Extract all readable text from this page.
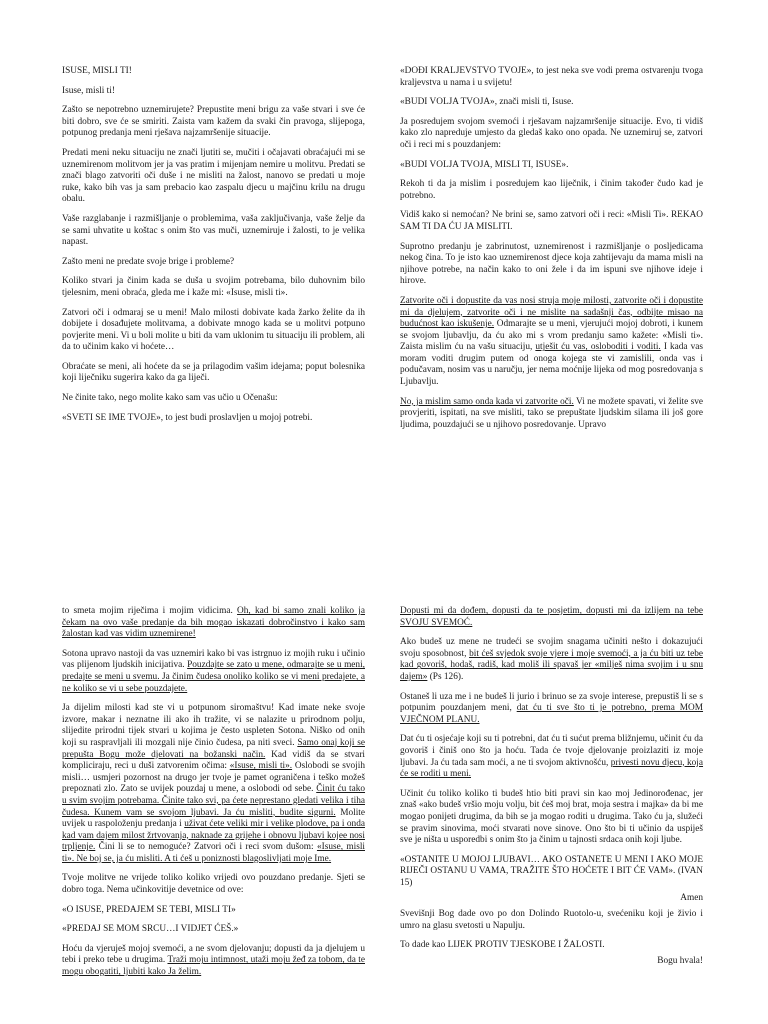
ISUSE, MISLI TI!

Isuse, misli ti!

Zašto se nepotrebno uznemirujete? Prepustite meni brigu za vaše stvari i sve će biti dobro, sve će se smiriti. Zaista vam kažem da svaki čin pravoga, slijepoga, potpunog predanja meni rješava najzamršenije situacije.

Predati meni neku situaciju ne znači ljutiti se, mučiti i očajavati obraćajući mi se uznemirenom molitvom jer ja vas pratim i mijenjam nemire u molitvu. Predati se znači blago zatvoriti oči duše i ne misliti na žalost, nanovo se predati u moje ruke, kako bih vas ja sam prebacio kao zaspalu djecu u majčinu krilu na drugu obalu.

Vaše razglabanje i razmišljanje o problemima, vaša zaključivanja, vaše želje da se sami uhvatite u koštac s onim što vas muči, uznemiruje i žalosti, to je velika napast.

Zašto meni ne predate svoje brige i probleme?

Koliko stvari ja činim kada se duša u svojim potrebama, bilo duhovnim bilo tjelesnim, meni obraća, gleda me i kaže mi: «Isuse, misli ti».

Zatvori oči i odmaraj se u meni! Malo milosti dobivate kada žarko želite da ih dobijete i dosađujete molitvama, a dobivate mnogo kada se u molitvi potpuno povjerite meni. Vi u boli molite u biti da vam uklonim tu situaciju ili problem, ali da to učinim kako vi hoćete…

Obraćate se meni, ali hoćete da se ja prilagodim vašim idejama; poput bolesnika koji liječniku sugerira kako da ga liječi.

Ne činite tako, nego molite kako sam vas učio u Očenašu:

«SVETI SE IME TVOJE», to jest budi proslavljen u mojoj potrebi.

«DOĐI KRALJEVSTVO TVOJE», to jest neka sve vodi prema ostvarenju tvoga kraljevstva u nama i u svijetu!

«BUDI VOLJA TVOJA», znači misli ti, Isuse.

Ja posredujem svojom svemoći i rješavam najzamršenije situacije. Evo, ti vidiš kako zlo napreduje umjesto da gledaš kako ono opada. Ne uznemiruj se, zatvori oči i reci mi s pouzdanjem:

«BUDI VOLJA TVOJA, MISLI TI, ISUSE».

Rekoh ti da ja mislim i posredujem kao liječnik, i činim također čudo kad je potrebno.

Vidiš kako si nemoćan? Ne brini se, samo zatvori oči i reci: «Misli Ti». REKAO SAM TI DA ĆU JA MISLITI.

Suprotno predanju je zabrinutost, uznemirenost i razmišljanje o posljedicama nekog čina. To je isto kao uznemirenost djece koja zahtijevaju da mama misli na njihove potrebe, na način kako to oni žele i da im ispuni sve njihove ideje i hirove.

Zatvorite oči i dopustite da vas nosi struja moje milosti, zatvorite oči i dopustite mi da djelujem, zatvorite oči i ne mislite na sadašnji čas, odbijte misao na budućnost kao iskušenje. Odmarajte se u meni, vjerujući mojoj dobroti, i kunem se svojom ljubavlju, da ću ako mi s vrom predanju samo kažete: «Misli ti». Zaista mislim ću na vašu situaciju, utješit ću vas, osloboditi i voditi. I kada vas moram voditi drugim putem od onoga kojega ste vi zamislili, onda vas i podučavam, nosim vas u naručju, jer nema moćnije lijeka od mog posredovanja s Ljubavlju.

No, ja mislim samo onda kada vi zatvorite oči. Vi ne možete spavati, vi želite sve provjeriti, ispitati, na sve misliti, tako se prepuštate ljudskim silama ili još gore ljudima, pouzdajući se u njihovo posredovanje. Upravo

to smeta mojim riječima i mojim vidicima. Oh, kad bi samo znali koliko ja čekam na ovo vaše predanje da bih mogao iskazati dobročinstvo i kako sam žalostan kad vas vidim uznemirene!

Sotona upravo nastoji da vas uznemiri kako bi vas istrgnuo iz mojih ruku i učinio vas plijenom ljudskih inicijativa. Pouzdajte se zato u mene, odmarajte se u meni, predajte se meni u svemu. Ja činim čudesa onoliko koliko se vi meni predajete, a ne koliko se vi u sebe pouzdajete.

Ja dijelim milosti kad ste vi u potpunom siromaštvu! Kad imate neke svoje izvore, makar i neznatne ili ako ih tražite, vi se nalazite u prirodnom polju, slijedite prirodni tijek stvari u kojima je često uspleten Sotona. Niško od onih koji su raspravljali ili mozgali nije činio čudesa, pa niti sveci. Samo onaj koji se prepušta Bogu može djelovati na božanski način. Kad vidiš da se stvari kompliciraju, reci u duši zatvorenim očima: «Isuse, misli ti». Oslobodi se svojih misli… usmjeri pozornost na drugo jer tvoje je pamet ograničena i teško možeš prepoznati zlo. Zato se uvijek pouzdaj u mene, a oslobodi od sebe. Činit ću tako u svim svojim potrebama. Činite tako svi, pa ćete neprestano gledati velika i tiha čudesa. Kunem vam se svojom ljubavi. Ja ću misliti, budite sigurni. Molite uvijek u raspoloženju predanja i uživat ćete veliki mir i velike plodove, pa i onda kad vam dajem milost žrtvovanja, naknade za grijehe i obnovu ljubavi kojeе nosi trpljenje. Čini li se to nemoguće? Zatvori oči i reci svom dušom: «Isuse, misli ti». Ne boj se, ja ću misliti. A ti ćeš u poniznosti blagoslivljati moje Ime.

Tvoje molitve ne vrijede toliko koliko vrijedi ovo pouzdano predanje. Sjeti se dobro toga. Nema učinkovitije devetnice od ove:

«O ISUSE, PREDAJEM SE TEBI, MISLI TI»

«PREDAJ SE MOM SRCU…I VIDJET ĆEŠ.»

Hoću da vjeruješ mojoj svemoći, a ne svom djelovanju; dopusti da ja djelujem u tebi i preko tebe u drugima. Traži moju intimnost, utaži moju žeđ za tobom, da te mogu obogatiti, ljubiti kako Ja želim.

Dopusti mi da dođem, dopusti da te posjetim, dopusti mi da izlijem na tebe SVOJU SVEMOĆ.

Ako budeš uz mene ne trudeći se svojim snagama učiniti nešto i dokazujući svoju sposobnost, bit ćeš svjedok svoje vjere i moje svemoći, a ja ću biti uz tebe kad govoriš, hodaš, radiš, kad moliš ili spavaš jer «milješ nima svojim i u snu dajem» (Ps 126).

Ostaneš li uza me i ne budeš li jurio i brinuo se za svoje interese, prepustiš li se s potpunim pouzdanjem meni, dat ću ti sve što ti je potrebno, prema MOM VJEČNOM PLANU.

Dat ću ti osjećaje koji su ti potrebni, dat ću ti sućut prema bližnjemu, učinit ću da govoriš i činiš ono što ja hoću. Tada će tvoje djelovanje proizlaziti iz moje ljubavi. Ja ću tada sam moći, a ne ti svojom aktivnošću, privesti novu djecu, koja će se roditi u meni.

Učinit ću toliko koliko ti budeš htio biti pravi sin kao moj Jedinorođenac, jer znaš «ako budeš vršio moju volju, bit ćeš moj brat, moja sestra i majka» da bi me mogao ponijeti drugima, da bih se ja mogao roditi u drugima. Tako ću ja, služeći se pravim sinovima, moći stvarati nove sinove. Ono što bi ti učinio da uspiješ sve je ništa u usporedbi s onim što ja činim u tajnosti srdaca onih koji ljube.

«OSTANITE U MOJOJ LJUBAVI… AKO OSTANETE U MENI I AKO MOJE RIJEČI OSTANU U VAMA, TRAŽITE ŠTO HOĆETE I BIT ĆE VAM». (IVAN 15)

Amen

Svevišnji Bog dade ovo po don Dolindo Ruotolo-u, svećeniku koji je živio i umro na glasu svetosti u Napulju.

To dade kao LIJEK PROTIV TJESKOBE I ŽALOSTI.

Bogu hvala!
